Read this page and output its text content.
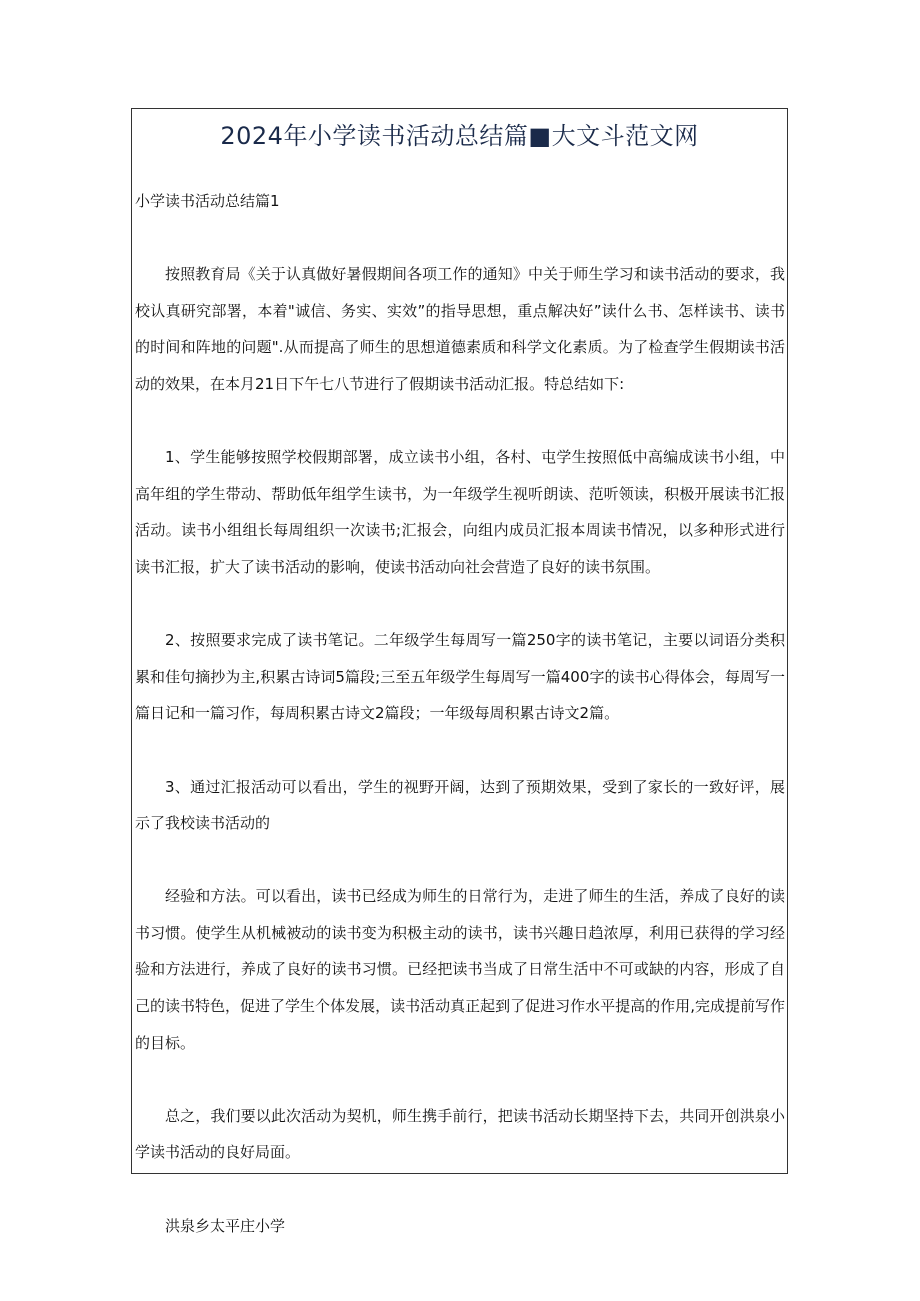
2024年小学读书活动总结篇■大文斗范文网

小学读书活动总结篇1

按照教育局《关于认真做好暑假期间各项工作的通知》中关于师生学习和读书活动的要求，我校认真研究部署，本着"诚信、务实、实效”的指导思想，重点解决好”读什么书、怎样读书、读书的时间和阵地的问题".从而提高了师生的思想道德素质和科学文化素质。为了检查学生假期读书活动的效果，在本月21日下午七八节进行了假期读书活动汇报。特总结如下:

1、学生能够按照学校假期部署，成立读书小组，各村、屯学生按照低中高编成读书小组，中高年组的学生带动、帮助低年组学生读书，为一年级学生视听朗读、范听领读，积极开展读书汇报活动。读书小组组长每周组织一次读书;汇报会，向组内成员汇报本周读书情况，以多种形式进行读书汇报，扩大了读书活动的影响，使读书活动向社会营造了良好的读书氛围。

2、按照要求完成了读书笔记。二年级学生每周写一篇250字的读书笔记，主要以词语分类积累和佳句摘抄为主,积累古诗词5篇段;三至五年级学生每周写一篇400字的读书心得体会，每周写一篇日记和一篇习作，每周积累古诗文2篇段；一年级每周积累古诗文2篇。

3、通过汇报活动可以看出，学生的视野开阔，达到了预期效果，受到了家长的一致好评，展示了我校读书活动的

经验和方法。可以看出，读书已经成为师生的日常行为，走进了师生的生活，养成了良好的读书习惯。使学生从机械被动的读书变为积极主动的读书，读书兴趣日趋浓厚，利用已获得的学习经验和方法进行，养成了良好的读书习惯。已经把读书当成了日常生活中不可或缺的内容，形成了自己的读书特色，促进了学生个体发展，读书活动真正起到了促进习作水平提高的作用,完成提前写作的目标。

总之，我们要以此次活动为契机，师生携手前行，把读书活动长期坚持下去，共同开创洪泉小学读书活动的良好局面。

洪泉乡太平庄小学
